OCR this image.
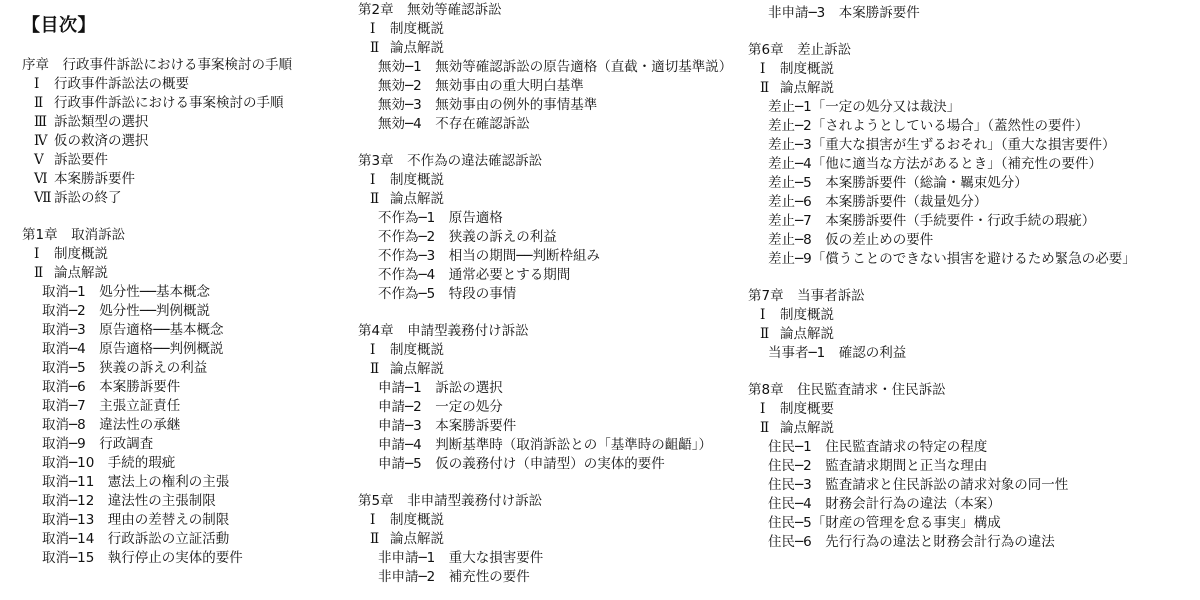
【目次】
序章　行政事件訴訟における事案検討の手順
Ⅰ 行政事件訴訟法の概要
Ⅱ 行政事件訴訟における事案検討の手順
Ⅲ 訴訟類型の選択
Ⅳ 仮の救済の選択
Ⅴ 訴訟要件
Ⅵ 本案勝訴要件
Ⅶ 訴訟の終了
第1章　取消訴訟
Ⅰ 制度概説
Ⅱ 論点解説
取消─1　処分性──基本概念
取消─2　処分性──判例概説
取消─3　原告適格──基本概念
取消─4　原告適格──判例概説
取消─5　狭義の訴えの利益
取消─6　本案勝訴要件
取消─7　主張立証責任
取消─8　違法性の承継
取消─9　行政調査
取消─10　手続的瑕疵
取消─11　憲法上の権利の主張
取消─12　違法性の主張制限
取消─13　理由の差替えの制限
取消─14　行政訴訟の立証活動
取消─15　執行停止の実体的要件
第2章　無効等確認訴訟
Ⅰ 制度概説
Ⅱ 論点解説
無効─1　無効等確認訴訟の原告適格（直截・適切基準説）
無効─2　無効事由の重大明白基準
無効─3　無効事由の例外的事情基準
無効─4　不存在確認訴訟
第3章　不作為の違法確認訴訟
Ⅰ 制度概説
Ⅱ 論点解説
不作為─1　原告適格
不作為─2　狭義の訴えの利益
不作為─3　相当の期間──判断枠組み
不作為─4　通常必要とする期間
不作為─5　特段の事情
第4章　申請型義務付け訴訟
Ⅰ 制度概説
Ⅱ 論点解説
申請─1　訴訟の選択
申請─2　一定の処分
申請─3　本案勝訴要件
申請─4　判断基準時（取消訴訟との「基準時の齟齬」）
申請─5　仮の義務付け（申請型）の実体的要件
第5章　非申請型義務付け訴訟
Ⅰ 制度概説
Ⅱ 論点解説
非申請─1　重大な損害要件
非申請─2　補充性の要件
非申請─3　本案勝訴要件
第6章　差止訴訟
Ⅰ 制度概説
Ⅱ 論点解説
差止─1「一定の処分又は裁決」
差止─2「されようとしている場合」（蓋然性の要件）
差止─3「重大な損害が生ずるおそれ」（重大な損害要件）
差止─4「他に適当な方法があるとき」（補充性の要件）
差止─5　本案勝訴要件（総論・羈束処分）
差止─6　本案勝訴要件（裁量処分）
差止─7　本案勝訴要件（手続要件・行政手続の瑕疵）
差止─8　仮の差止めの要件
差止─9「償うことのできない損害を避けるため緊急の必要」
第7章　当事者訴訟
Ⅰ 制度概説
Ⅱ 論点解説
当事者─1　確認の利益
第8章　住民監査請求・住民訴訟
Ⅰ 制度概要
Ⅱ 論点解説
住民─1　住民監査請求の特定の程度
住民─2　監査請求期間と正当な理由
住民─3　監査請求と住民訴訟の請求対象の同一性
住民─4　財務会計行為の違法（本案）
住民─5「財産の管理を怠る事実」構成
住民─6　先行行為の違法と財務会計行為の違法
